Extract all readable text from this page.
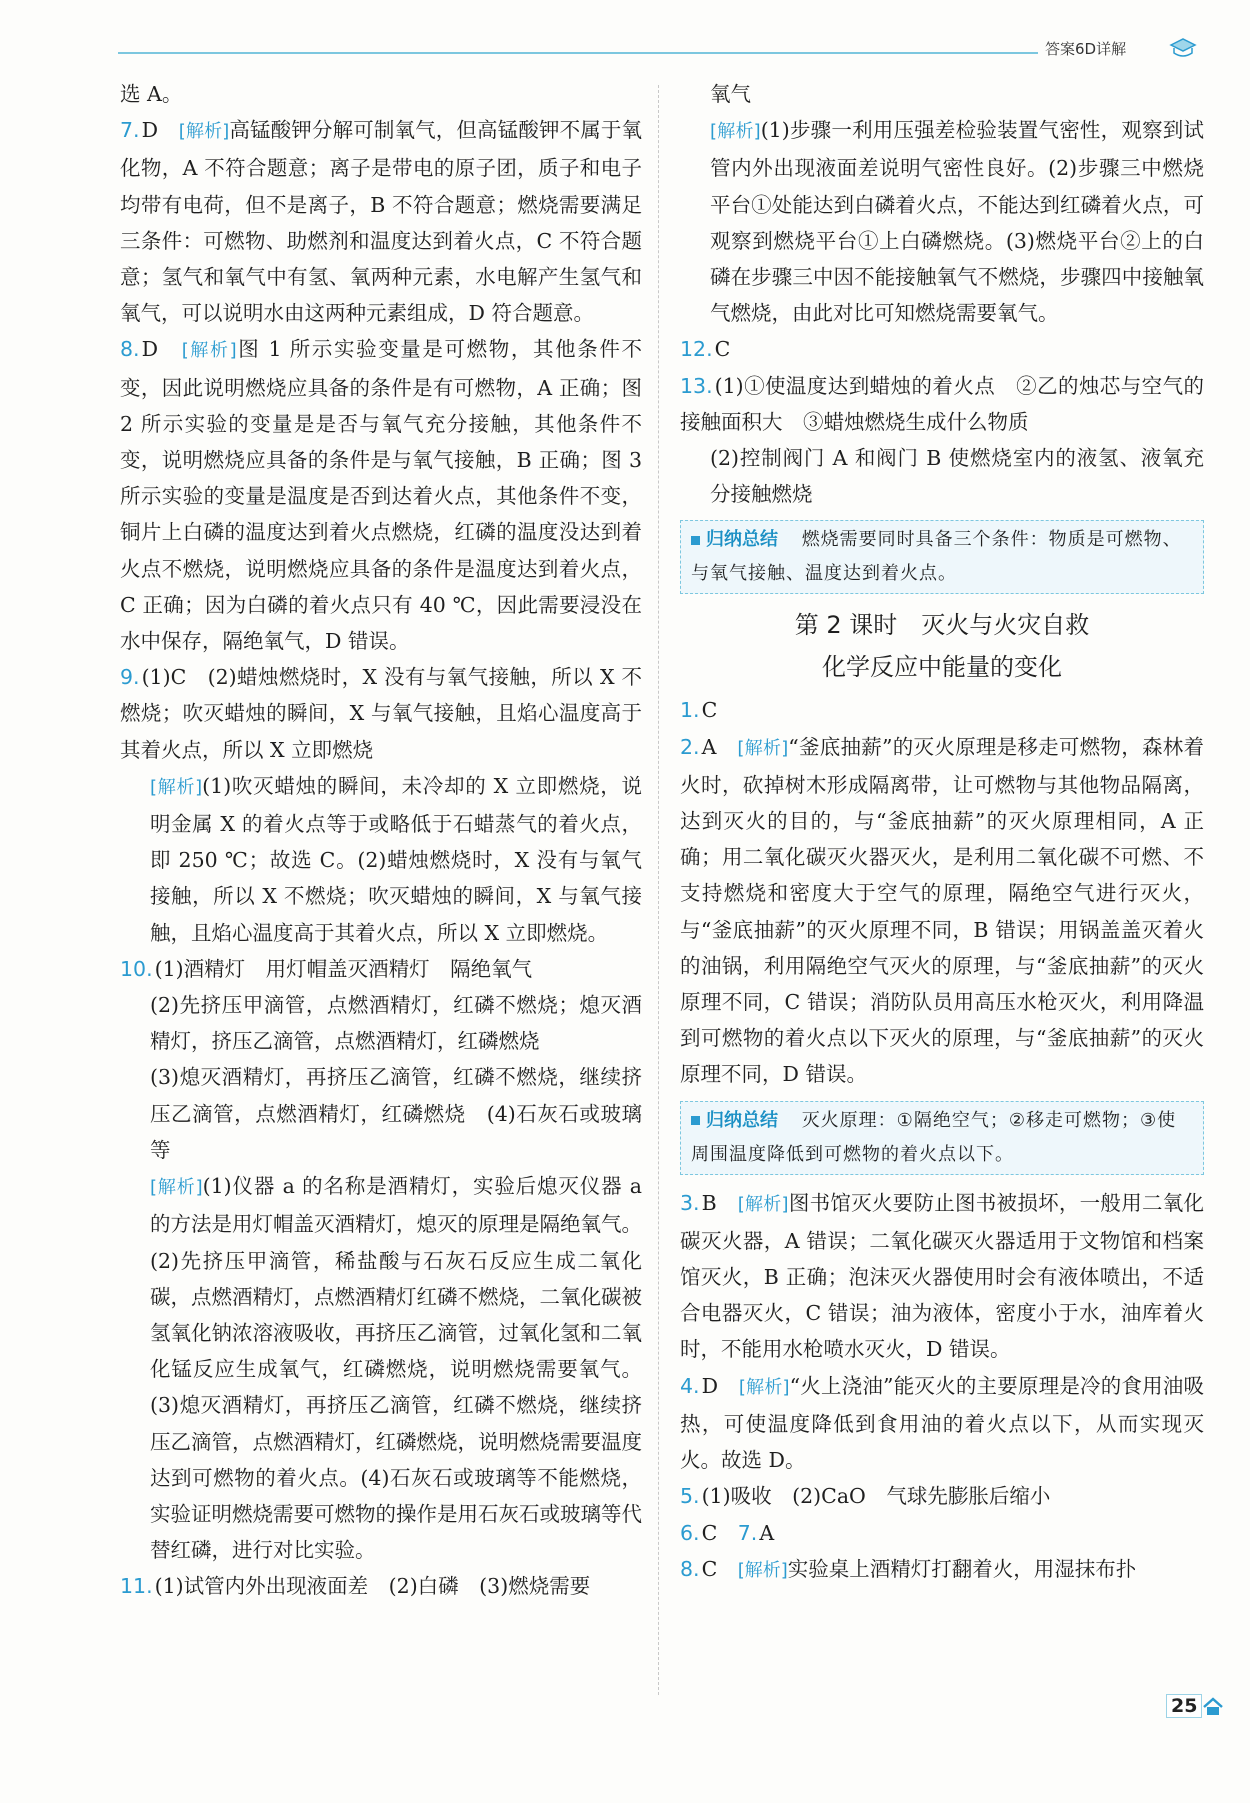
答案6D详解

选 A。

7.D　[解析]高锰酸钾分解可制氧气，但高锰酸钾不属于氧化物，A 不符合题意；离子是带电的原子团，质子和电子均带有电荷，但不是离子，B 不符合题意；燃烧需要满足三条件：可燃物、助燃剂和温度达到着火点，C 不符合题意；氢气和氧气中有氢、氧两种元素，水电解产生氢气和氧气，可以说明水由这两种元素组成，D 符合题意。

8.D　[解析]图 1 所示实验变量是可燃物，其他条件不变，因此说明燃烧应具备的条件是有可燃物，A 正确；图 2 所示实验的变量是是否与氧气充分接触，其他条件不变，说明燃烧应具备的条件是与氧气接触，B 正确；图 3 所示实验的变量是温度是否到达着火点，其他条件不变，铜片上白磷的温度达到着火点燃烧，红磷的温度没达到着火点不燃烧，说明燃烧应具备的条件是温度达到着火点，C 正确；因为白磷的着火点只有 40 ℃，因此需要浸没在水中保存，隔绝氧气，D 错误。

9.(1)C　(2)蜡烛燃烧时，X 没有与氧气接触，所以 X 不燃烧；吹灭蜡烛的瞬间，X 与氧气接触，且焰心温度高于其着火点，所以 X 立即燃烧

[解析](1)吹灭蜡烛的瞬间，未冷却的 X 立即燃烧，说明金属 X 的着火点等于或略低于石蜡蒸气的着火点，即 250 ℃；故选 C。(2)蜡烛燃烧时，X 没有与氧气接触，所以 X 不燃烧；吹灭蜡烛的瞬间，X 与氧气接触，且焰心温度高于其着火点，所以 X 立即燃烧。

10.(1)酒精灯　用灯帽盖灭酒精灯　隔绝氧气

(2)先挤压甲滴管，点燃酒精灯，红磷不燃烧；熄灭酒精灯，挤压乙滴管，点燃酒精灯，红磷燃烧

(3)熄灭酒精灯，再挤压乙滴管，红磷不燃烧，继续挤压乙滴管，点燃酒精灯，红磷燃烧　(4)石灰石或玻璃等

[解析](1)仪器 a 的名称是酒精灯，实验后熄灭仪器 a 的方法是用灯帽盖灭酒精灯，熄灭的原理是隔绝氧气。(2)先挤压甲滴管，稀盐酸与石灰石反应生成二氧化碳，点燃酒精灯，点燃酒精灯红磷不燃烧，二氧化碳被氢氧化钠浓溶液吸收，再挤压乙滴管，过氧化氢和二氧化锰反应生成氧气，红磷燃烧，说明燃烧需要氧气。(3)熄灭酒精灯，再挤压乙滴管，红磷不燃烧，继续挤压乙滴管，点燃酒精灯，红磷燃烧，说明燃烧需要温度达到可燃物的着火点。(4)石灰石或玻璃等不能燃烧，实验证明燃烧需要可燃物的操作是用石灰石或玻璃等代替红磷，进行对比实验。

11.(1)试管内外出现液面差　(2)白磷　(3)燃烧需要

氧气

[解析](1)步骤一利用压强差检验装置气密性，观察到试管内外出现液面差说明气密性良好。(2)步骤三中燃烧平台①处能达到白磷着火点，不能达到红磷着火点，可观察到燃烧平台①上白磷燃烧。(3)燃烧平台②上的白磷在步骤三中因不能接触氧气不燃烧，步骤四中接触氧气燃烧，由此对比可知燃烧需要氧气。

12.C　

13.(1)①使温度达到蜡烛的着火点　②乙的烛芯与空气的接触面积大　③蜡烛燃烧生成什么物质

(2)控制阀门 A 和阀门 B 使燃烧室内的液氢、液氧充分接触燃烧

归纳总结 燃烧需要同时具备三个条件：物质是可燃物、与氧气接触、温度达到着火点。
第 2 课时　灭火与火灾自救
化学反应中能量的变化

1.C　

2.A　[解析]“釜底抽薪”的灭火原理是移走可燃物，森林着火时，砍掉树木形成隔离带，让可燃物与其他物品隔离，达到灭火的目的，与“釜底抽薪”的灭火原理相同，A 正确；用二氧化碳灭火器灭火，是利用二氧化碳不可燃、不支持燃烧和密度大于空气的原理，隔绝空气进行灭火，与“釜底抽薪”的灭火原理不同，B 错误；用锅盖盖灭着火的油锅，利用隔绝空气灭火的原理，与“釜底抽薪”的灭火原理不同，C 错误；消防队员用高压水枪灭火，利用降温到可燃物的着火点以下灭火的原理，与“釜底抽薪”的灭火原理不同，D 错误。

归纳总结 灭火原理：①隔绝空气；②移走可燃物；③使周围温度降低到可燃物的着火点以下。

3.B　[解析]图书馆灭火要防止图书被损坏，一般用二氧化碳灭火器，A 错误；二氧化碳灭火器适用于文物馆和档案馆灭火，B 正确；泡沫灭火器使用时会有液体喷出，不适合电器灭火，C 错误；油为液体，密度小于水，油库着火时，不能用水枪喷水灭火，D 错误。

4.D　[解析]“火上浇油”能灭火的主要原理是冷的食用油吸热，可使温度降低到食用油的着火点以下，从而实现灭火。故选 D。

5.(1)吸收　(2)CaO　气球先膨胀后缩小

6.C　7.A

8.C　[解析]实验桌上酒精灯打翻着火，用湿抹布扑

25
